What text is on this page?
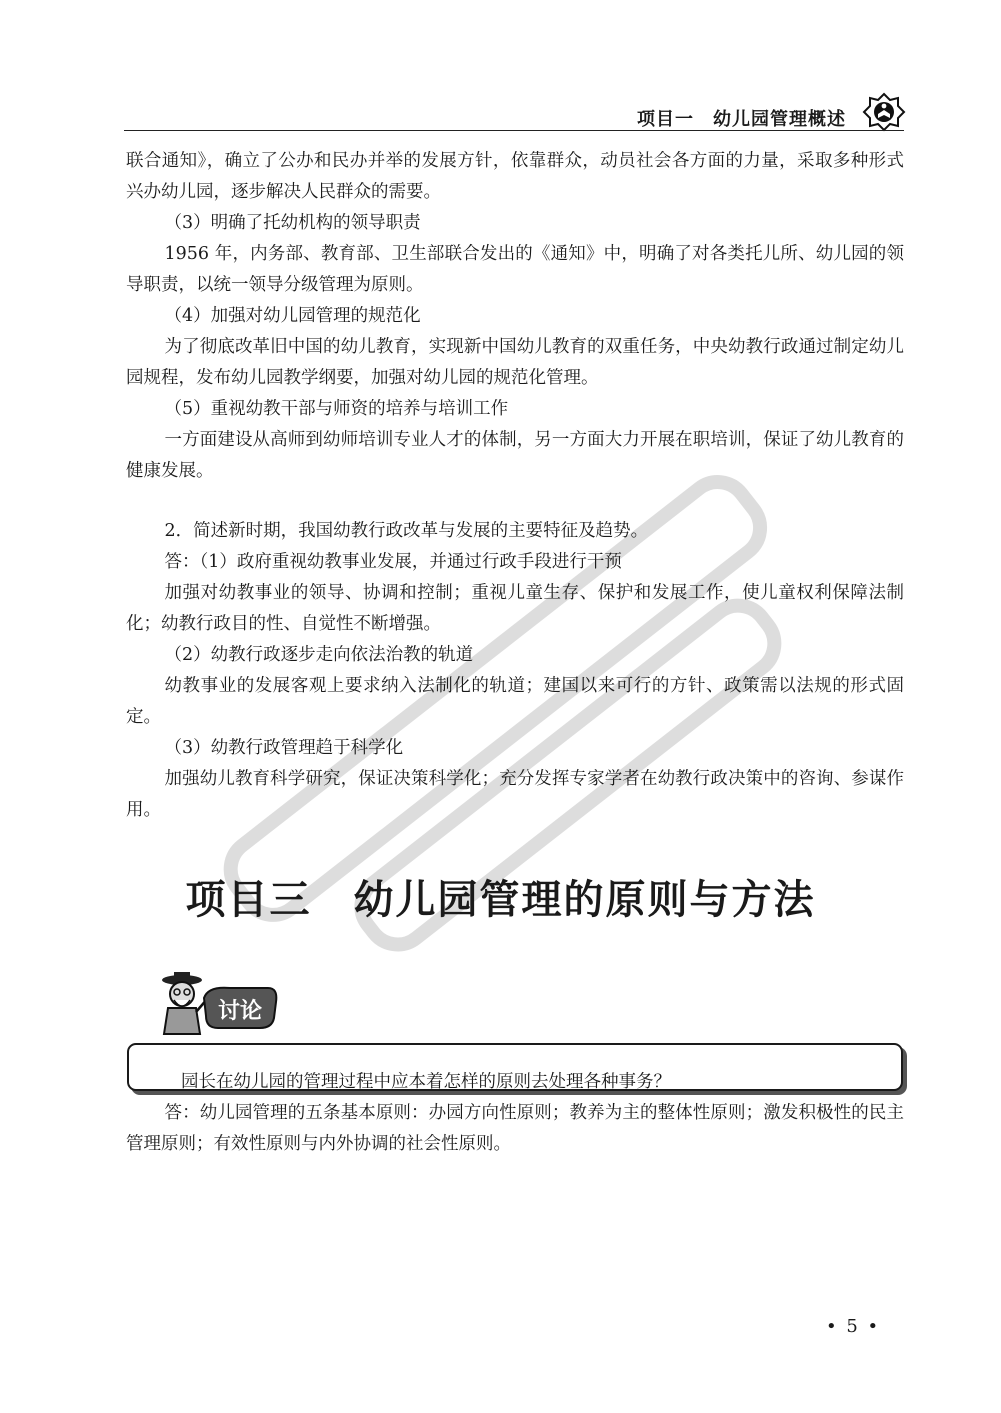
项目一　幼儿园管理概述

联合通知》，确立了公办和民办并举的发展方针，依靠群众，动员社会各方面的力量，采取多种形式兴办幼儿园，逐步解决人民群众的需要。

（3）明确了托幼机构的领导职责

1956 年，内务部、教育部、卫生部联合发出的《通知》中，明确了对各类托儿所、幼儿园的领导职责，以统一领导分级管理为原则。

（4）加强对幼儿园管理的规范化

为了彻底改革旧中国的幼儿教育，实现新中国幼儿教育的双重任务，中央幼教行政通过制定幼儿园规程，发布幼儿园教学纲要，加强对幼儿园的规范化管理。

（5）重视幼教干部与师资的培养与培训工作

一方面建设从高师到幼师培训专业人才的体制，另一方面大力开展在职培训，保证了幼儿教育的健康发展。

2．简述新时期，我国幼教行政改革与发展的主要特征及趋势。

答：（1）政府重视幼教事业发展，并通过行政手段进行干预

加强对幼教事业的领导、协调和控制；重视儿童生存、保护和发展工作，使儿童权利保障法制化；幼教行政目的性、自觉性不断增强。

（2）幼教行政逐步走向依法治教的轨道

幼教事业的发展客观上要求纳入法制化的轨道；建国以来可行的方针、政策需以法规的形式固定。

（3）幼教行政管理趋于科学化

加强幼儿教育科学研究，保证决策科学化；充分发挥专家学者在幼教行政决策中的咨询、参谋作用。

项目三　幼儿园管理的原则与方法
讨论
园长在幼儿园的管理过程中应本着怎样的原则去处理各种事务？

答：幼儿园管理的五条基本原则：办园方向性原则；教养为主的整体性原则；激发积极性的民主管理原则；有效性原则与内外协调的社会性原则。

• 5 •
